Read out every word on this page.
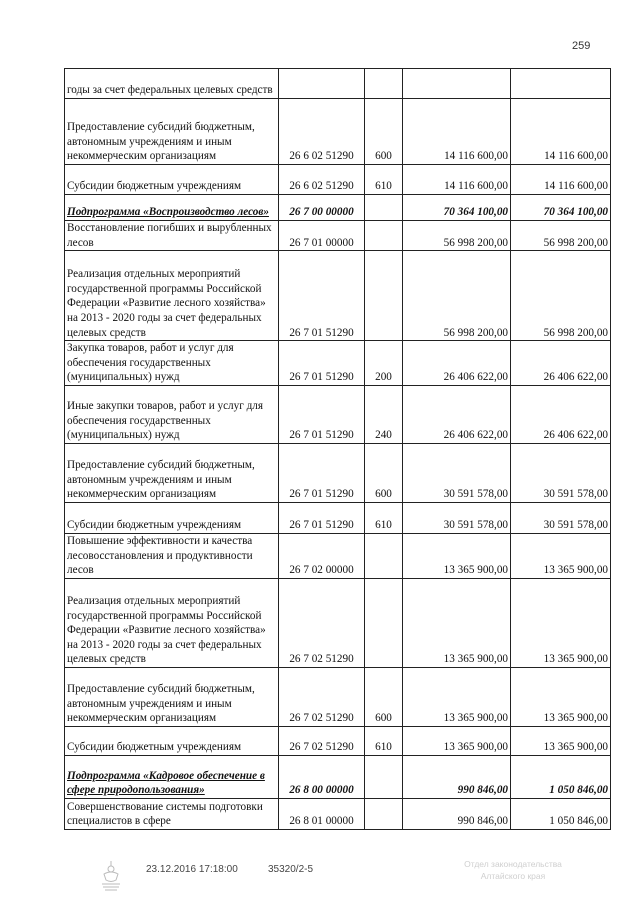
259
годы за счет федеральных целевых средств				
Предоставление субсидий бюджетным, автономным учреждениям и иным некоммерческим организациям	26 6 02 51290	600	14 116 600,00	14 116 600,00
Субсидии бюджетным учреждениям	26 6 02 51290	610	14 116 600,00	14 116 600,00
Подпрограмма «Воспроизводство лесов»	26 7 00 00000		70 364 100,00	70 364 100,00
Восстановление погибших и вырубленных лесов	26 7 01 00000		56 998 200,00	56 998 200,00
Реализация отдельных мероприятий государственной программы Российской Федерации «Развитие лесного хозяйства» на 2013 - 2020 годы за счет федеральных целевых средств	26 7 01 51290		56 998 200,00	56 998 200,00
Закупка товаров, работ и услуг для обеспечения государственных (муниципальных) нужд	26 7 01 51290	200	26 406 622,00	26 406 622,00
Иные закупки товаров, работ и услуг для обеспечения государственных (муниципальных) нужд	26 7 01 51290	240	26 406 622,00	26 406 622,00
Предоставление субсидий бюджетным, автономным учреждениям и иным некоммерческим организациям	26 7 01 51290	600	30 591 578,00	30 591 578,00
Субсидии бюджетным учреждениям	26 7 01 51290	610	30 591 578,00	30 591 578,00
Повышение эффективности и качества лесовосстановления и продуктивности лесов	26 7 02 00000		13 365 900,00	13 365 900,00
Реализация отдельных мероприятий государственной программы Российской Федерации «Развитие лесного хозяйства» на 2013 - 2020 годы за счет федеральных целевых средств	26 7 02 51290		13 365 900,00	13 365 900,00
Предоставление субсидий бюджетным, автономным учреждениям и иным некоммерческим организациям	26 7 02 51290	600	13 365 900,00	13 365 900,00
Субсидии бюджетным учреждениям	26 7 02 51290	610	13 365 900,00	13 365 900,00
Подпрограмма «Кадровое обеспечение в сфере природопользования»	26 8 00 00000		990 846,00	1 050 846,00
Совершенствование системы подготовки специалистов в сфере	26 8 01 00000		990 846,00	1 050 846,00
23.12.2016 17:18:00	35320/2-5	Отдел законодательства Алтайского края
